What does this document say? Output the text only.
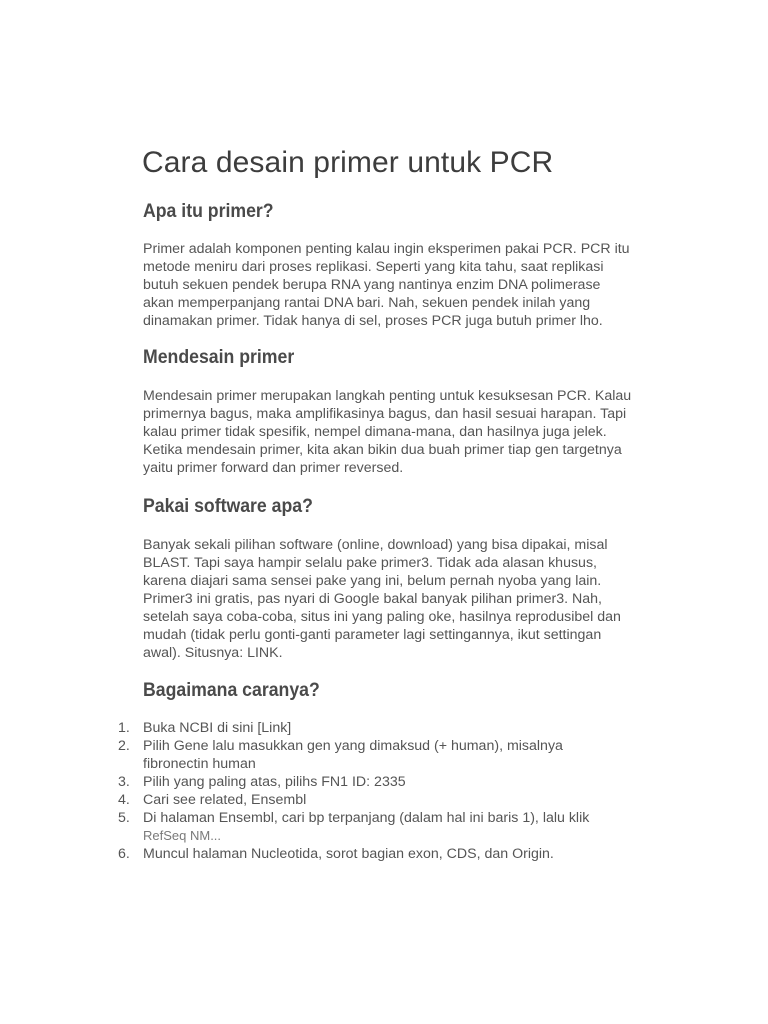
Cara desain primer untuk PCR
Apa itu primer?

Primer adalah komponen penting kalau ingin eksperimen pakai PCR. PCR itu
metode meniru dari proses replikasi. Seperti yang kita tahu, saat replikasi
butuh sekuen pendek berupa RNA yang nantinya enzim DNA polimerase
akan memperpanjang rantai DNA bari. Nah, sekuen pendek inilah yang
dinamakan primer. Tidak hanya di sel, proses PCR juga butuh primer lho.

Mendesain primer

Mendesain primer merupakan langkah penting untuk kesuksesan PCR. Kalau
primernya bagus, maka amplifikasinya bagus, dan hasil sesuai harapan. Tapi
kalau primer tidak spesifik, nempel dimana-mana, dan hasilnya juga jelek.
Ketika mendesain primer, kita akan bikin dua buah primer tiap gen targetnya
yaitu primer forward dan primer reversed.

Pakai software apa?

Banyak sekali pilihan software (online, download) yang bisa dipakai, misal
BLAST. Tapi saya hampir selalu pake primer3. Tidak ada alasan khusus,
karena diajari sama sensei pake yang ini, belum pernah nyoba yang lain.
Primer3 ini gratis, pas nyari di Google bakal banyak pilihan primer3. Nah,
setelah saya coba-coba, situs ini yang paling oke, hasilnya reprodusibel dan
mudah (tidak perlu gonti-ganti parameter lagi settingannya, ikut settingan
awal). Situsnya: LINK.

Bagaimana caranya?
1. Buka NCBI di sini [Link]
2. Pilih Gene lalu masukkan gen yang dimaksud (+ human), misalnya
fibronectin human
3. Pilih yang paling atas, pilihs FN1 ID: 2335
4. Cari see related, Ensembl
5. Di halaman Ensembl, cari bp terpanjang (dalam hal ini baris 1), lalu klik
RefSeq NM...
6. Muncul halaman Nucleotida, sorot bagian exon, CDS, dan Origin.
